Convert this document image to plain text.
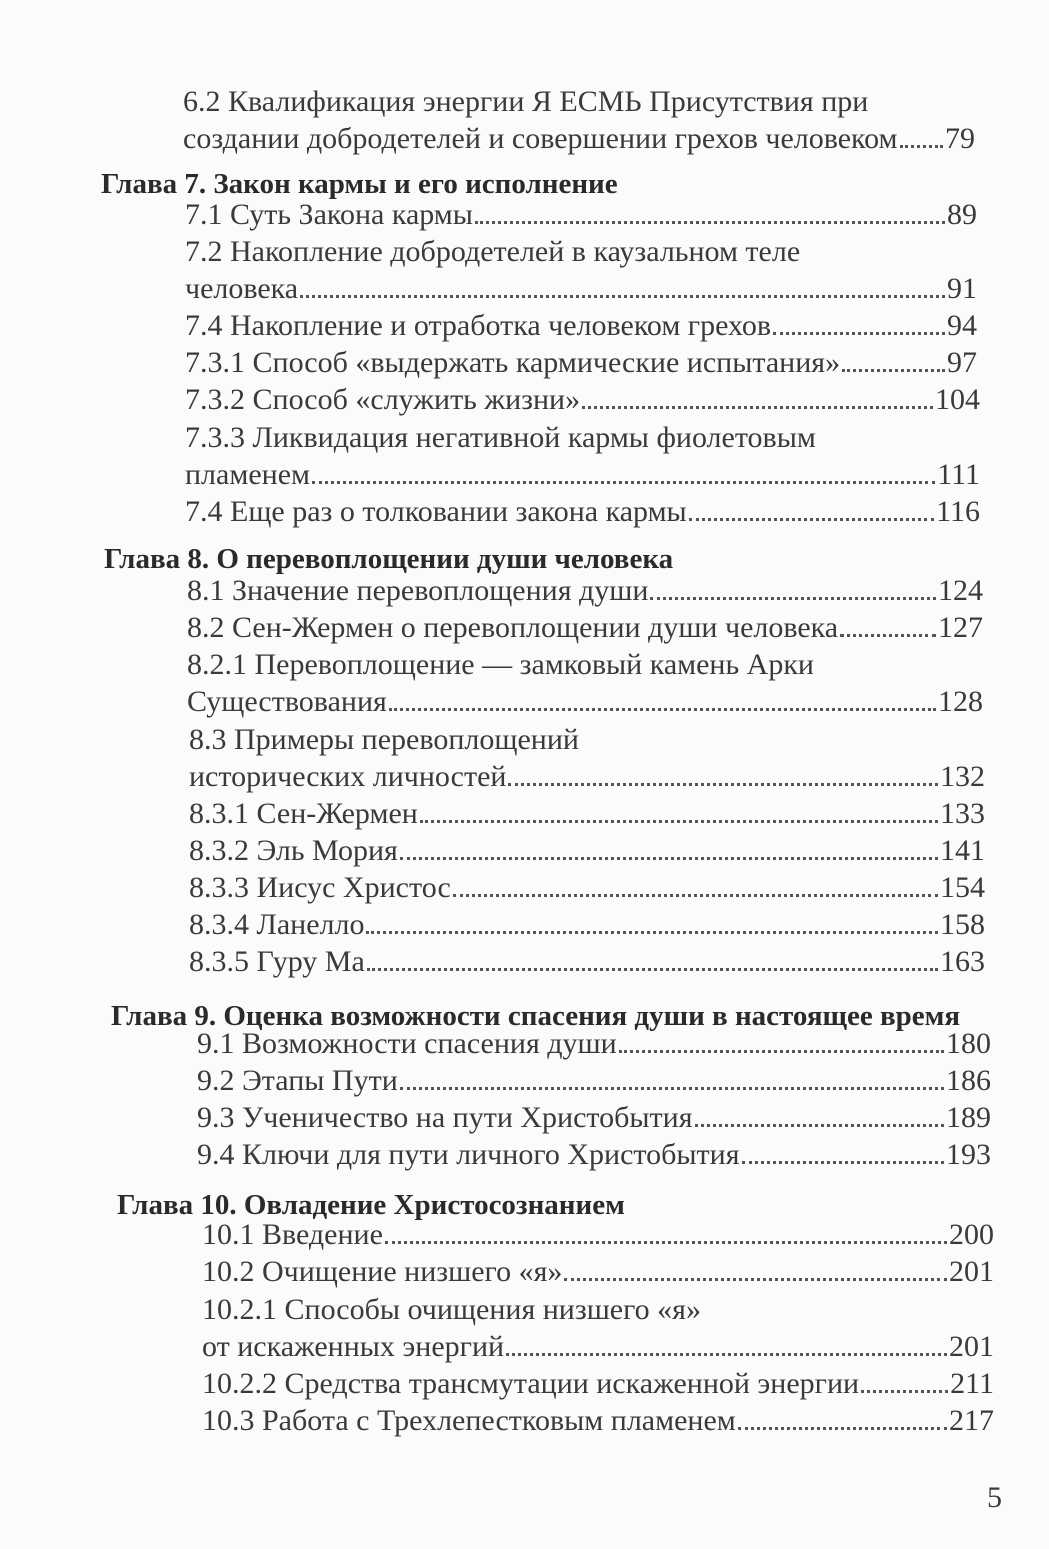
6.2 Квалификация энергии Я ЕСМЬ Присутствия при
создании добродетелей и совершении грехов человеком 79
Глава 7. Закон кармы и его исполнение
7.1 Суть Закона кармы	89
7.2 Накопление добродетелей в каузальном теле
человека	91
7.4 Накопление и отработка человеком грехов	94
7.3.1 Способ «выдержать кармические испытания»	97
7.3.2 Способ «служить жизни»	104
7.3.3 Ликвидация негативной кармы фиолетовым
пламенем	111
7.4 Еще раз о толковании закона кармы	116
Глава 8. О перевоплощении души человека
8.1 Значение перевоплощения души	124
8.2 Сен-Жермен о перевоплощении души человека	127
8.2.1 Перевоплощение — замковый камень Арки
Существования	128
8.3 Примеры перевоплощений
исторических личностей	132
8.3.1 Сен-Жермен	133
8.3.2 Эль Мория	141
8.3.3 Иисус Христос	154
8.3.4 Ланелло	158
8.3.5 Гуру Ма	163
Глава 9. Оценка возможности спасения души в настоящее время
9.1 Возможности спасения души	180
9.2 Этапы Пути	186
9.3 Ученичество на пути Христобытия	189
9.4 Ключи для пути личного Христобытия	193
Глава 10. Овладение Христосознанием
10.1 Введение	200
10.2 Очищение низшего «я»	201
10.2.1 Способы очищения низшего «я»
от искаженных энергий	201
10.2.2 Средства трансмутации искаженной энергии	211
10.3 Работа с Трехлепестковым пламенем	217
5
